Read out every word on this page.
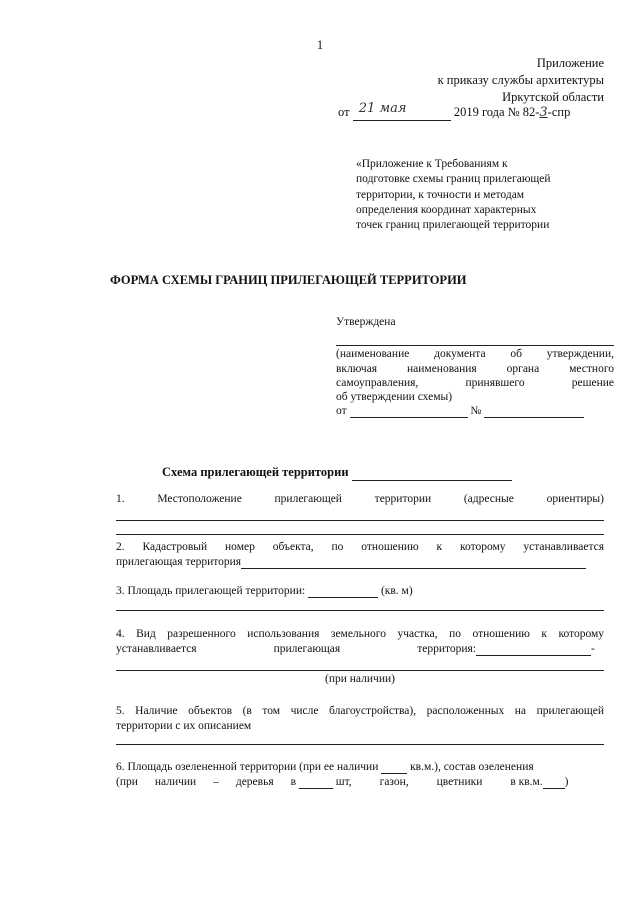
1
Приложение
к приказу службы архитектуры
Иркутской области
от 21 мая	2019 года № 82-3-спр
«Приложение к Требованиям к
подготовке схемы границ прилегающей
территории, к точности и методам
определения координат характерных
точек границ прилегающей территории
ФОРМА СХЕМЫ ГРАНИЦ ПРИЛЕГАЮЩЕЙ ТЕРРИТОРИИ
Утверждена
(наименование документа об утверждении,
включая наименования органа местного
самоуправления, принявшего решение
об утверждении схемы)
от	№
Схема прилегающей территории
1. Местоположение прилегающей территории (адресные ориентиры)
2. Кадастровый номер объекта, по отношению к которому устанавливается
прилегающая территория
3. Площадь прилегающей территории:	(кв. м)
4. Вид разрешенного использования земельного участка, по отношению к которому
устанавливается прилегающая территория:	-
(при наличии)
5. Наличие объектов (в том числе благоустройства), расположенных на прилегающей
территории с их описанием
6. Площадь озелененной территории (при ее наличии	кв.м.), состав озеленения
(при наличии – деревья в	шт, газон, цветники в кв.м. )
